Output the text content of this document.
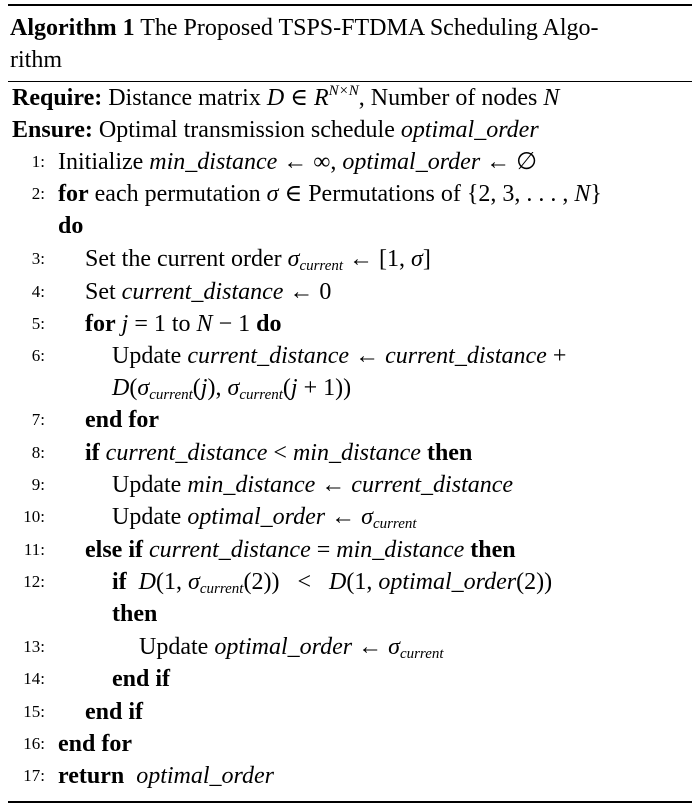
Algorithm 1 The Proposed TSPS-FTDMA Scheduling Algo-
rithm
Require: Distance matrix D ∈ $R^{N\times N}$, Number of nodes N
Ensure: Optimal transmission schedule optimal_order
1: Initialize min_distance ← ∞, optimal_order ← ∅
2: for each permutation σ ∈ Permutations of {2, 3, . . . , N}
do
3: Set the current order $\sigma_{current}$ ← [1, σ]
4: Set current_distance ← 0
5: for j = 1 to N − 1 do
6:	Update current_distance ← current_distance +
$D(\sigma_{current}(j)$, $\sigma_{current}(j + 1)$)
7: end for
8: if current_distance < min_distance then
9:	Update min_distance ← current_distance
10:	Update optimal_order ← $\sigma_{current}$
11: else if current_distance = min_distance then
12:	if D(1, $\sigma_{current}(2)) < D(1$, optimal_order(2))
then
13:	Update optimal_order ← $\sigma_{current}$
14:	end if
15: end if
16: end for
17: return optimal_order
